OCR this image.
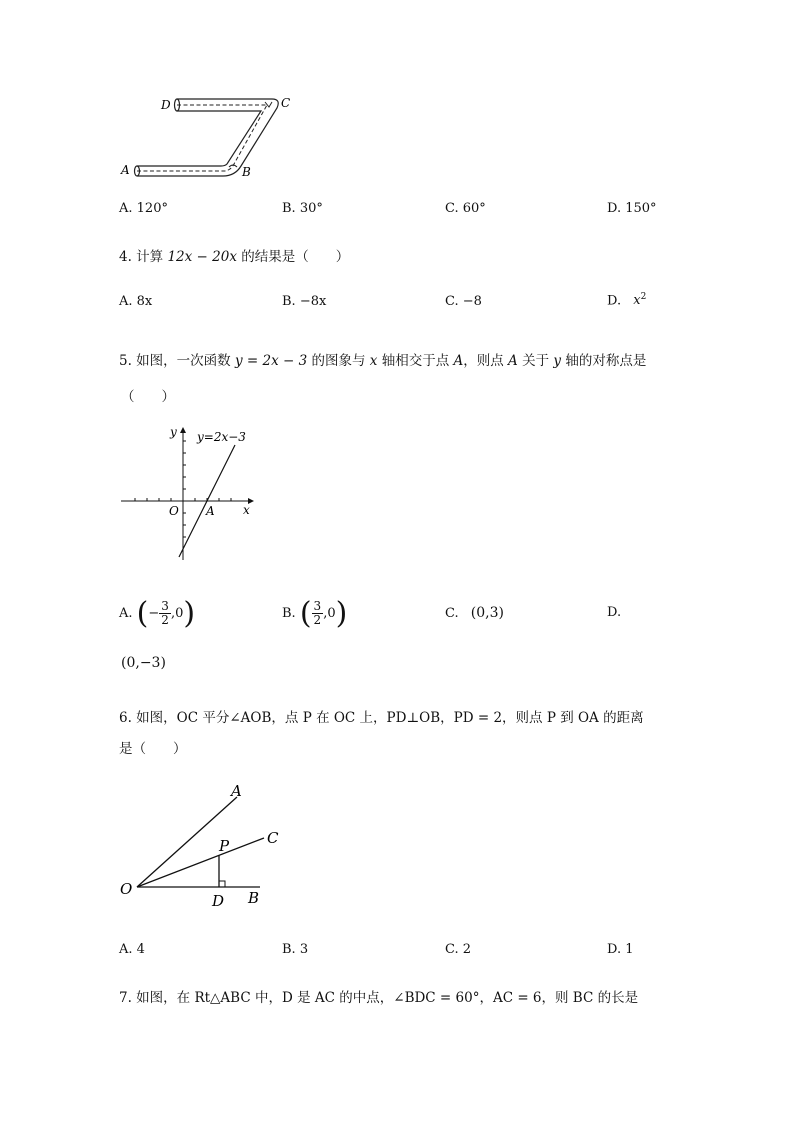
D	C
A	B
A. 120°	B. 30°	C. 60°	D. 150°
4. 计算 12x − 20x 的结果是（　　）
A. 8x	B. −8x	C. −8	D. $x^2$
5. 如图，一次函数 y = 2x − 3 的图象与 x 轴相交于点 A，则点 A 关于 y 轴的对称点是
（　　）
y=2x−3
y
x
O A
A. (− $\frac{3}{2} ,0$)	B. ( $\frac{3}{2} ,0$)	C. (0,3)	D.
(0,−3)
6. 如图，OC 平分∠AOB，点 P 在 OC 上，PD⊥OB，PD = 2，则点 P 到 OA 的距离
是（　　）
A
C
P
O
D B
A. 4	B. 3	C. 2	D. 1
7. 如图，在 Rt△ABC 中，D 是 AC 的中点，∠BDC = 60°，AC = 6，则 BC 的长是
